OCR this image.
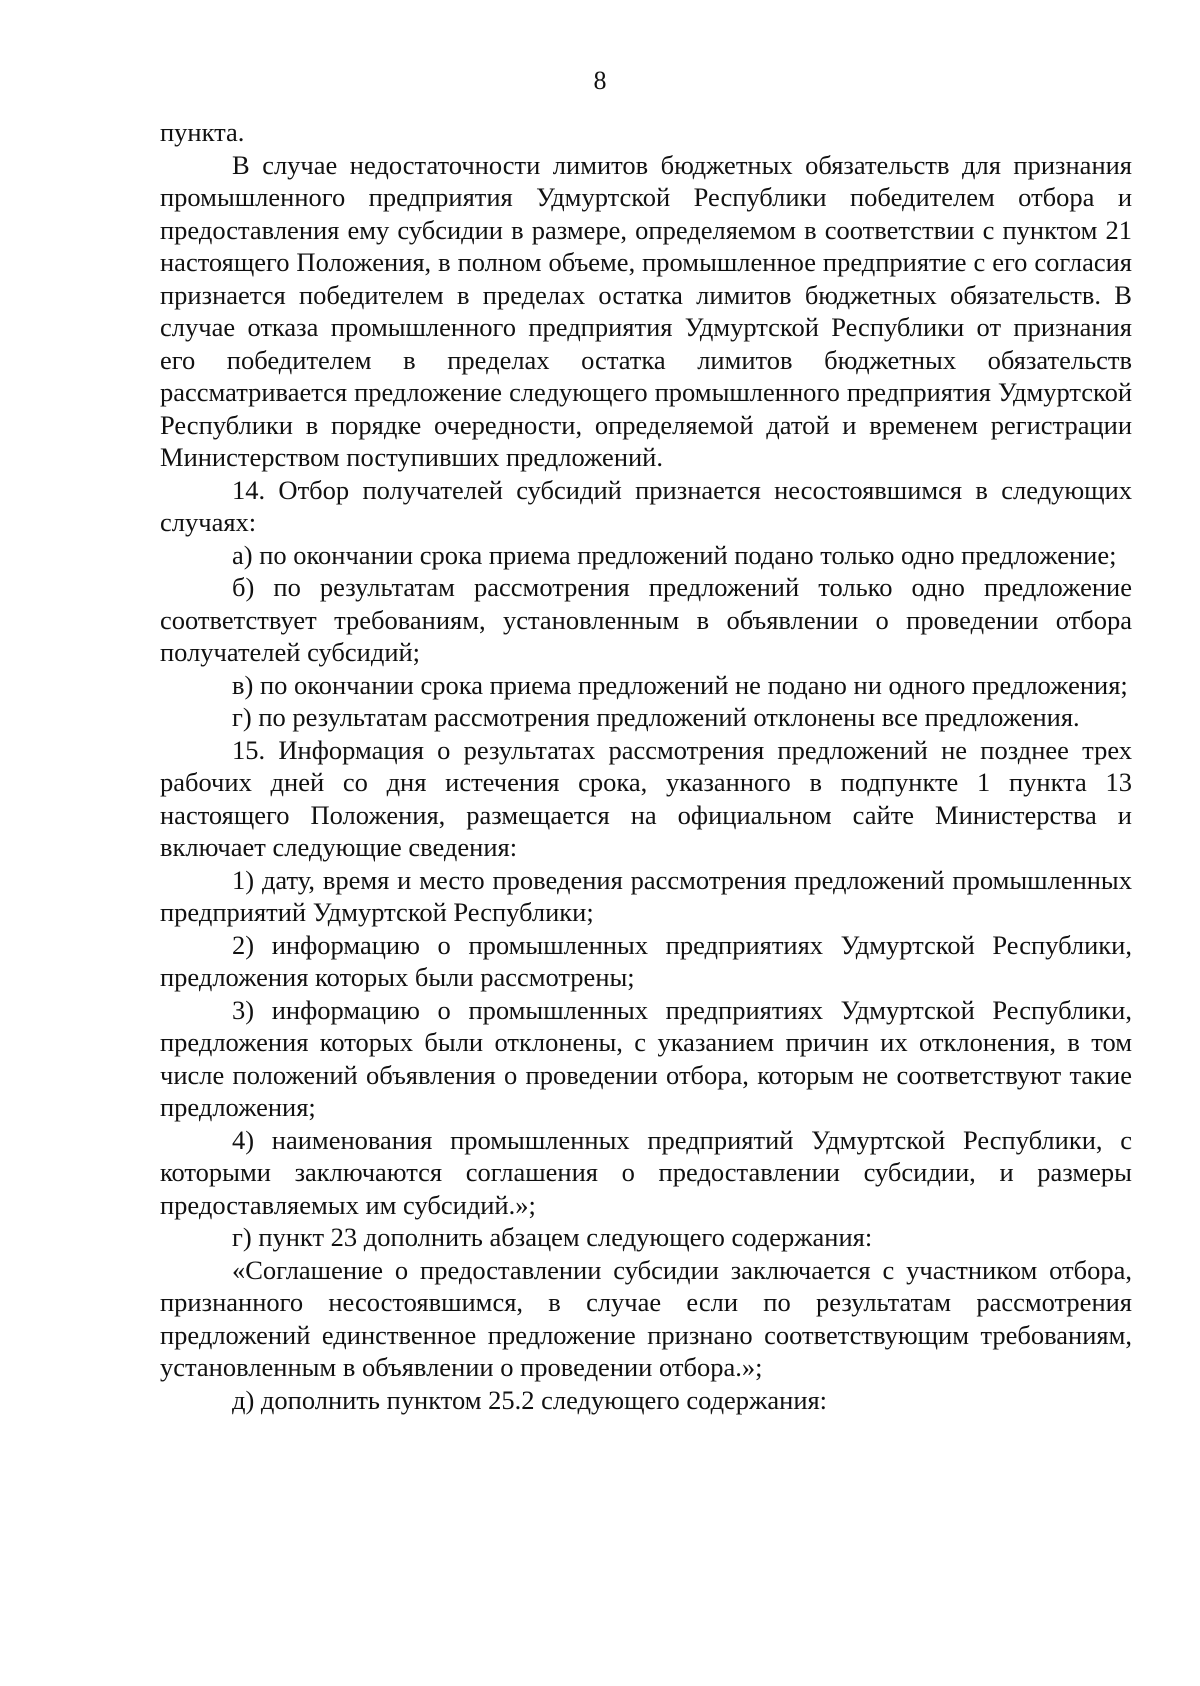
8

пункта.

В случае недостаточности лимитов бюджетных обязательств для признания промышленного предприятия Удмуртской Республики победителем отбора и предоставления ему субсидии в размере, определяемом в соответствии с пунктом 21 настоящего Положения, в полном объеме, промышленное предприятие с его согласия признается победителем в пределах остатка лимитов бюджетных обязательств. В случае отказа промышленного предприятия Удмуртской Республики от признания его победителем в пределах остатка лимитов бюджетных обязательств рассматривается предложение следующего промышленного предприятия Удмуртской Республики в порядке очередности, определяемой датой и временем регистрации Министерством поступивших предложений.

14. Отбор получателей субсидий признается несостоявшимся в следующих случаях:

а) по окончании срока приема предложений подано только одно предложение;

б) по результатам рассмотрения предложений только одно предложение соответствует требованиям, установленным в объявлении о проведении отбора получателей субсидий;

в) по окончании срока приема предложений не подано ни одного предложения;

г) по результатам рассмотрения предложений отклонены все предложения.

15. Информация о результатах рассмотрения предложений не позднее трех рабочих дней со дня истечения срока, указанного в подпункте 1 пункта 13 настоящего Положения, размещается на официальном сайте Министерства и включает следующие сведения:

1) дату, время и место проведения рассмотрения предложений промышленных предприятий Удмуртской Республики;

2) информацию о промышленных предприятиях Удмуртской Республики, предложения которых были рассмотрены;

3) информацию о промышленных предприятиях Удмуртской Республики, предложения которых были отклонены, с указанием причин их отклонения, в том числе положений объявления о проведении отбора, которым не соответствуют такие предложения;

4) наименования промышленных предприятий Удмуртской Республики, с которыми заключаются соглашения о предоставлении субсидии, и размеры предоставляемых им субсидий.»;

г) пункт 23 дополнить абзацем следующего содержания:

«Соглашение о предоставлении субсидии заключается с участником отбора, признанного несостоявшимся, в случае если по результатам рассмотрения предложений единственное предложение признано соответствующим требованиям, установленным в объявлении о проведении отбора.»;

д) дополнить пунктом 25.2 следующего содержания:
